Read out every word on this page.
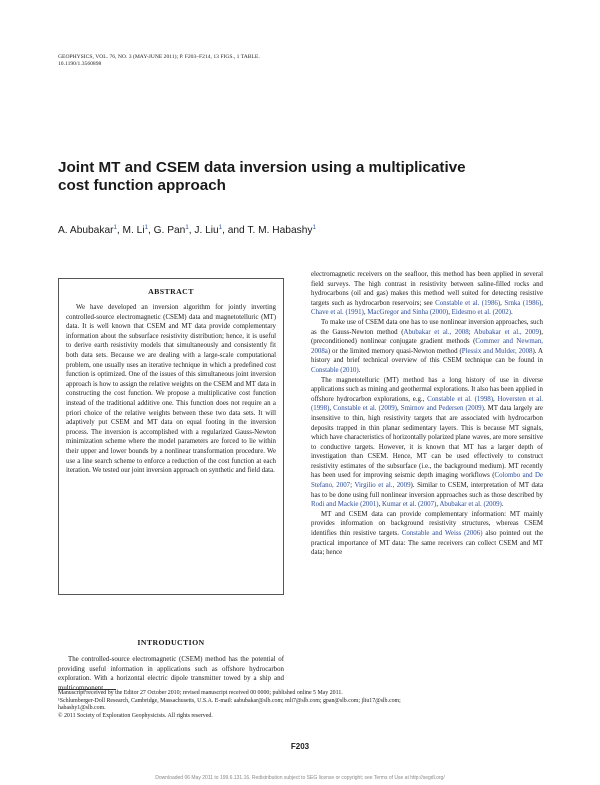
GEOPHYSICS, VOL. 76, NO. 3 (MAY-JUNE 2011); P. F203–F214, 13 FIGS., 1 TABLE.
10.1190/1.3560898
Joint MT and CSEM data inversion using a multiplicative
cost function approach
A. Abubakar$^1$, M. Li$^1$, G. Pan$^1$, J. Liu$^1$, and T. M. Habashy$^1$
ABSTRACT

We have developed an inversion algorithm for jointly inverting controlled-source electromagnetic (CSEM) data and magnetotelluric (MT) data. It is well known that CSEM and MT data provide complementary information about the subsurface resistivity distribution; hence, it is useful to derive earth resistivity models that simultaneously and consistently fit both data sets. Because we are dealing with a large-scale computational problem, one usually uses an iterative technique in which a predefined cost function is optimized. One of the issues of this simultaneous joint inversion approach is how to assign the relative weights on the CSEM and MT data in constructing the cost function. We propose a multiplicative cost function instead of the traditional additive one. This function does not require an a priori choice of the relative weights between these two data sets. It will adaptively put CSEM and MT data on equal footing in the inversion process. The inversion is accomplished with a regularized Gauss-Newton minimization scheme where the model parameters are forced to lie within their upper and lower bounds by a nonlinear transformation procedure. We use a line search scheme to enforce a reduction of the cost function at each iteration. We tested our joint inversion approach on synthetic and field data.

INTRODUCTION

The controlled-source electromagnetic (CSEM) method has the potential of providing useful information in applications such as offshore hydrocarbon exploration. With a horizontal electric dipole transmitter towed by a ship and multicomponent

electromagnetic receivers on the seafloor, this method has been applied in several field surveys. The high contrast in resistivity between saline-filled rocks and hydrocarbons (oil and gas) makes this method well suited for detecting resistive targets such as hydrocarbon reservoirs; see Constable et al. (1986), Srnka (1986), Chave et al. (1991), MacGregor and Sinha (2000), Eidesmo et al. (2002).

To make use of CSEM data one has to use nonlinear inversion approaches, such as the Gauss-Newton method (Abubakar et al., 2008; Abubakar et al., 2009), (preconditioned) nonlinear conjugate gradient methods (Commer and Newman, 2008a) or the limited memory quasi-Newton method (Plessix and Mulder, 2008). A history and brief technical overview of this CSEM technique can be found in Constable (2010).

The magnetotelluric (MT) method has a long history of use in diverse applications such as mining and geothermal explorations. It also has been applied in offshore hydrocarbon explorations, e.g., Constable et al. (1998), Hoversten et al. (1998), Constable et al. (2009), Smirnov and Pedersen (2009). MT data largely are insensitive to thin, high resistivity targets that are associated with hydrocarbon deposits trapped in thin planar sedimentary layers. This is because MT signals, which have characteristics of horizontally polarized plane waves, are more sensitive to conductive targets. However, it is known that MT has a larger depth of investigation than CSEM. Hence, MT can be used effectively to construct resistivity estimates of the subsurface (i.e., the background medium). MT recently has been used for improving seismic depth imaging workflows (Colombo and De Stefano, 2007; Virgilio et al., 2009). Similar to CSEM, interpretation of MT data has to be done using full nonlinear inversion approaches such as those described by Rodi and Mackie (2001), Kumar et al. (2007), Abubakar et al. (2009).

MT and CSEM data can provide complementary information: MT mainly provides information on background resistivity structures, whereas CSEM identifies thin resistive targets. Constable and Weiss (2006) also pointed out the practical importance of MT data: The same receivers can collect CSEM and MT data; hence

Manuscript received by the Editor 27 October 2010; revised manuscript received 00 0000; published online 5 May 2011.
¹Schlumberger-Doll Research, Cambridge, Massachusetts, U.S.A. E-mail: aabubakar@slb.com; mli7@slb.com; gpan@slb.com; jliu17@slb.com;
habashy1@slb.com.
© 2011 Society of Exploration Geophysicists. All rights reserved.
F203
Downloaded 06 May 2011 to 199.6.131.16. Redistribution subject to SEG license or copyright; see Terms of Use at http://segdl.org/
